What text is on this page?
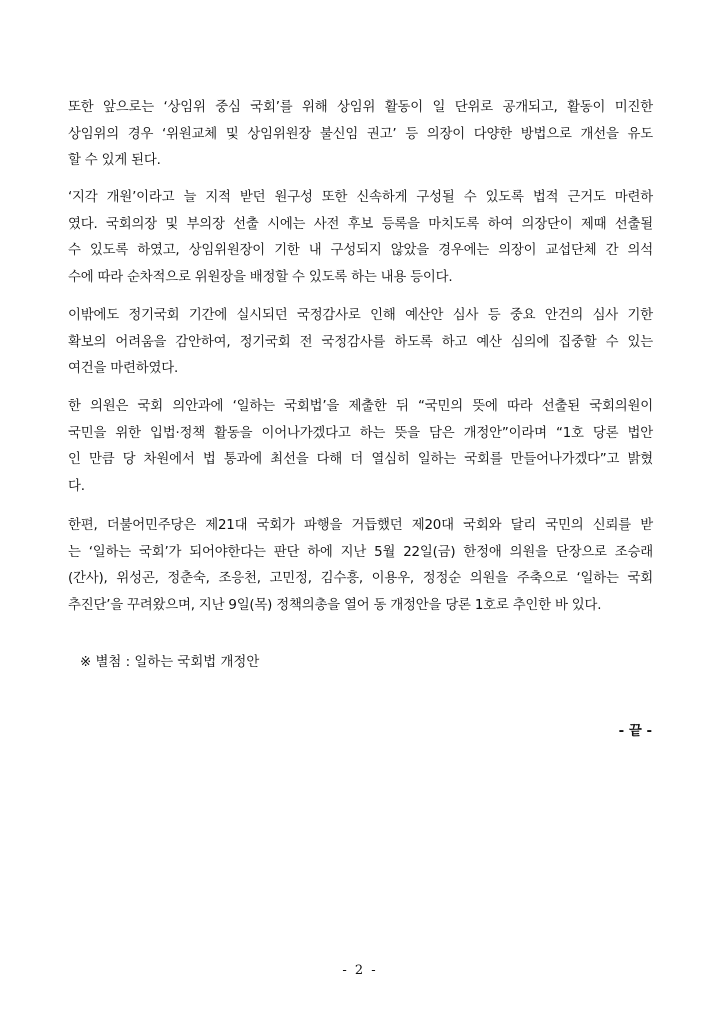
또한 앞으로는 ‘상임위 중심 국회’를 위해 상임위 활동이 일 단위로 공개되고, 활동이 미진한
상임위의 경우 ‘위원교체 및 상임위원장 불신임 권고’ 등 의장이 다양한 방법으로 개선을 유도
할 수 있게 된다.
‘지각 개원’이라고 늘 지적 받던 원구성 또한 신속하게 구성될 수 있도록 법적 근거도 마련하
였다. 국회의장 및 부의장 선출 시에는 사전 후보 등록을 마치도록 하여 의장단이 제때 선출될
수 있도록 하였고, 상임위원장이 기한 내 구성되지 않았을 경우에는 의장이 교섭단체 간 의석
수에 따라 순차적으로 위원장을 배정할 수 있도록 하는 내용 등이다.
이밖에도 정기국회 기간에 실시되던 국정감사로 인해 예산안 심사 등 중요 안건의 심사 기한
확보의 어려움을 감안하여, 정기국회 전 국정감사를 하도록 하고 예산 심의에 집중할 수 있는
여건을 마련하였다.
한 의원은 국회 의안과에 ‘일하는 국회법’을 제출한 뒤 “국민의 뜻에 따라 선출된 국회의원이
국민을 위한 입법·정책 활동을 이어나가겠다고 하는 뜻을 담은 개정안”이라며 “1호 당론 법안
인 만큼 당 차원에서 법 통과에 최선을 다해 더 열심히 일하는 국회를 만들어나가겠다”고 밝혔
다.
한편, 더불어민주당은 제21대 국회가 파행을 거듭했던 제20대 국회와 달리 국민의 신뢰를 받
는 ‘일하는 국회’가 되어야한다는 판단 하에 지난 5월 22일(금) 한정애 의원을 단장으로 조승래
(간사), 위성곤, 정춘숙, 조응천, 고민정, 김수흥, 이용우, 정정순 의원을 주축으로 ‘일하는 국회
추진단’을 꾸려왔으며, 지난 9일(목) 정책의총을 열어 동 개정안을 당론 1호로 추인한 바 있다.
※ 별첨 : 일하는 국회법 개정안
- 끝 -
- 2 -
